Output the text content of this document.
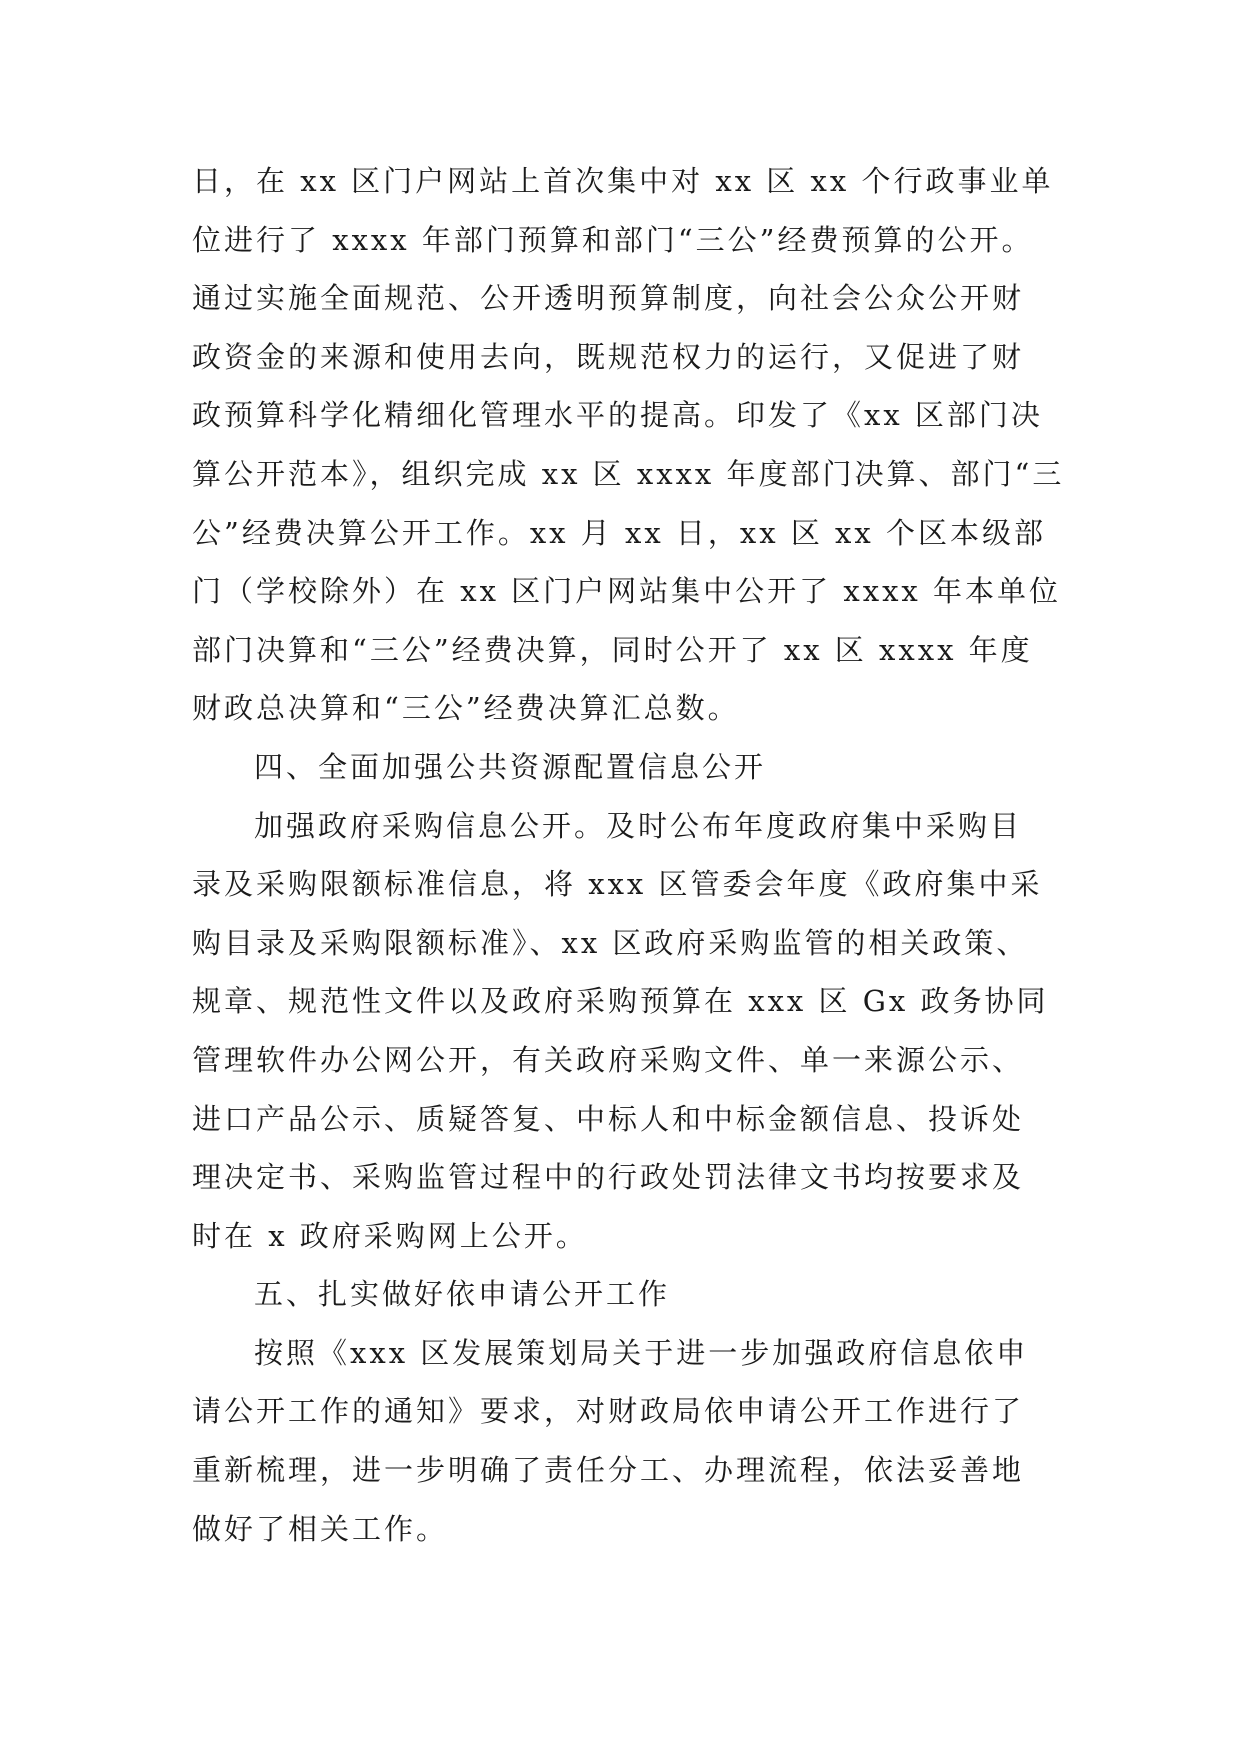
日，在 xx 区门户网站上首次集中对 xx 区 xx 个行政事业单
位进行了 xxxx 年部门预算和部门“三公”经费预算的公开。
通过实施全面规范、公开透明预算制度，向社会公众公开财
政资金的来源和使用去向，既规范权力的运行，又促进了财
政预算科学化精细化管理水平的提高。印发了《xx 区部门决
算公开范本》，组织完成 xx 区 xxxx 年度部门决算、部门“三
公”经费决算公开工作。xx 月 xx 日，xx 区 xx 个区本级部
门（学校除外）在 xx 区门户网站集中公开了 xxxx 年本单位
部门决算和“三公”经费决算，同时公开了 xx 区 xxxx 年度
财政总决算和“三公”经费决算汇总数。
四、全面加强公共资源配置信息公开
加强政府采购信息公开。及时公布年度政府集中采购目
录及采购限额标准信息，将 xxx 区管委会年度《政府集中采
购目录及采购限额标准》、xx 区政府采购监管的相关政策、
规章、规范性文件以及政府采购预算在 xxx 区 Gx 政务协同
管理软件办公网公开，有关政府采购文件、单一来源公示、
进口产品公示、质疑答复、中标人和中标金额信息、投诉处
理决定书、采购监管过程中的行政处罚法律文书均按要求及
时在 x 政府采购网上公开。
五、扎实做好依申请公开工作
按照《xxx 区发展策划局关于进一步加强政府信息依申
请公开工作的通知》要求，对财政局依申请公开工作进行了
重新梳理，进一步明确了责任分工、办理流程，依法妥善地
做好了相关工作。
